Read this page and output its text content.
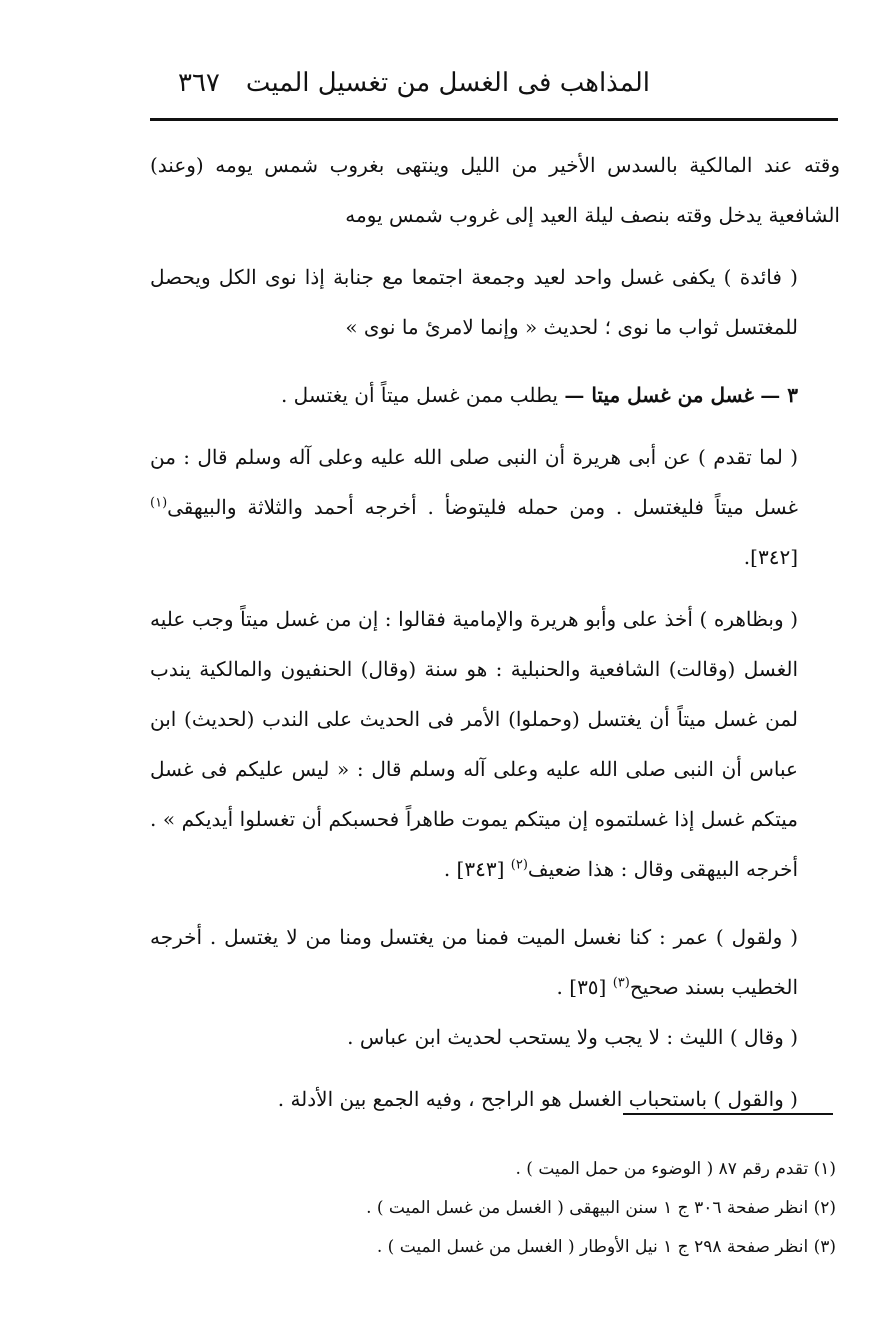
٣٦٧ المذاهب فى الغسل من تغسيل الميت

وقته عند المالكية بالسدس الأخير من الليل وينتهى بغروب شمس يومه (وعند) الشافعية يدخل وقته بنصف ليلة العيد إلى غروب شمس يومه

( فائدة ) يكفى غسل واحد لعيد وجمعة اجتمعا مع جنابة إذا نوى الكل ويحصل للمغتسل ثواب ما نوى ؛ لحديث « وإنما لامرئ ما نوى »

٣ — غسل من غسل ميتا — يطلب ممن غسل ميتاً أن يغتسل .

( لما تقدم ) عن أبى هريرة أن النبى صلى الله عليه وعلى آله وسلم قال : من غسل ميتاً فليغتسل . ومن حمله فليتوضأ . أخرجه أحمد والثلاثة والبيهقى$^{(١)}$ [٣٤٢].

( وبظاهره ) أخذ على وأبو هريرة والإمامية فقالوا : إن من غسل ميتاً وجب عليه الغسل (وقالت) الشافعية والحنبلية : هو سنة (وقال) الحنفيون والمالكية يندب لمن غسل ميتاً أن يغتسل (وحملوا) الأمر فى الحديث على الندب (لحديث) ابن عباس أن النبى صلى الله عليه وعلى آله وسلم قال : « ليس عليكم فى غسل ميتكم غسل إذا غسلتموه إن ميتكم يموت طاهراً فحسبكم أن تغسلوا أيديكم » . أخرجه البيهقى وقال : هذا ضعيف$^{(٢)}$ [٣٤٣] .

( ولقول ) عمر : كنا نغسل الميت فمنا من يغتسل ومنا من لا يغتسل . أخرجه الخطيب بسند صحيح$^{(٣)}$ [٣٥] .

( وقال ) الليث : لا يجب ولا يستحب لحديث ابن عباس .

( والقول ) باستحباب الغسل هو الراجح ، وفيه الجمع بين الأدلة .

(١) تقدم رقم ٨٧ ( الوضوء من حمل الميت ) .

(٢) انظر صفحة ٣٠٦ ج ١ سنن البيهقى ( الغسل من غسل الميت ) .

(٣) انظر صفحة ٢٩٨ ج ١ نيل الأوطار ( الغسل من غسل الميت ) .
